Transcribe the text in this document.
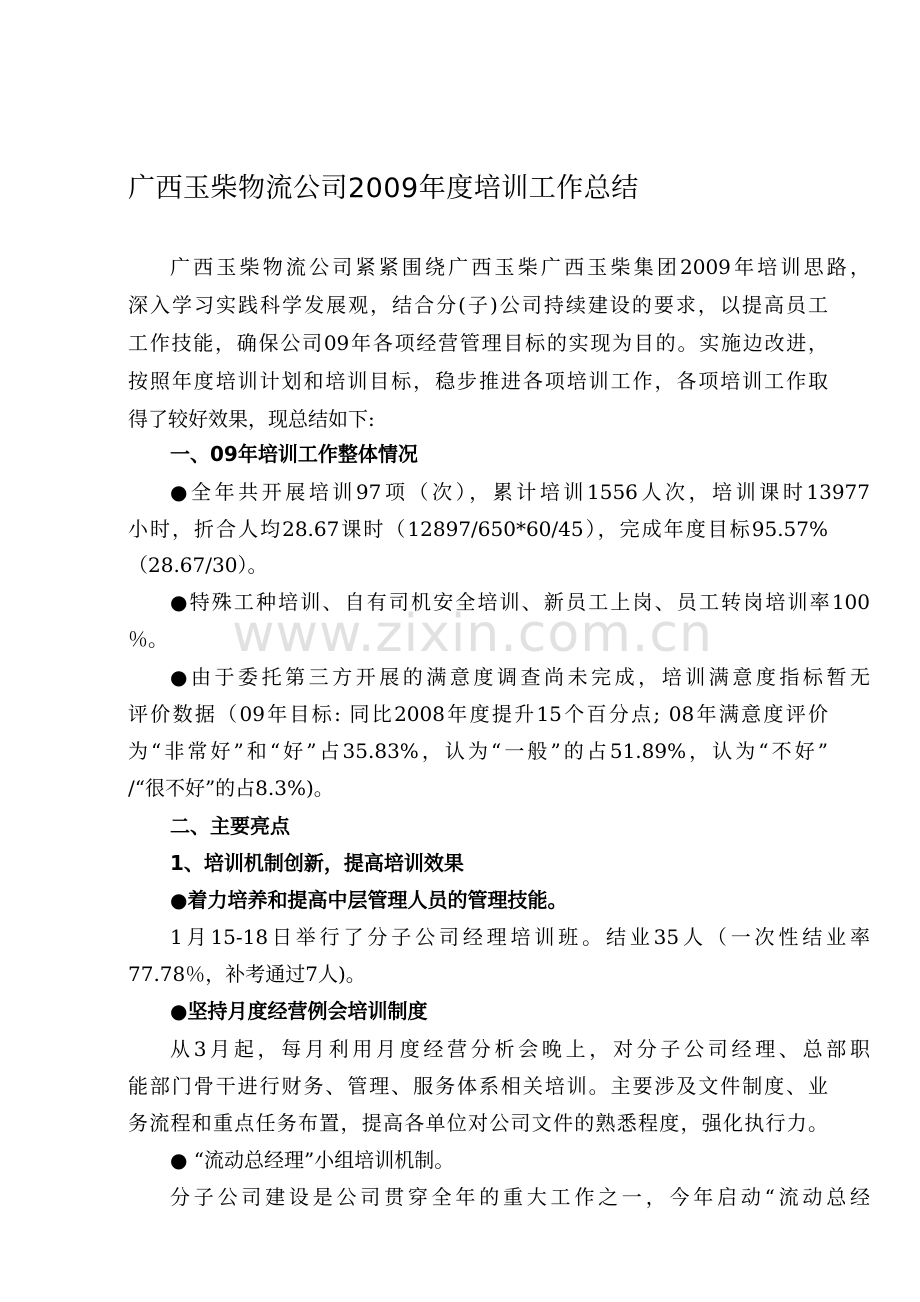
广西玉柴物流公司2009年度培训工作总结
广西玉柴物流公司紧紧围绕广西玉柴广西玉柴集团2009年培训思路，
深入学习实践科学发展观，结合分(子)公司持续建设的要求，以提高员工
工作技能，确保公司09年各项经营管理目标的实现为目的。实施边改进，
按照年度培训计划和培训目标，稳步推进各项培训工作，各项培训工作取
得了较好效果，现总结如下:
一、09年培训工作整体情况
●全年共开展培训97项（次），累计培训1556人次，培训课时13977
小时，折合人均28.67课时（12897/650*60/45），完成年度目标95.57%
（28.67/30）。
●特殊工种培训、自有司机安全培训、新员工上岗、员工转岗培训率100
％。
●由于委托第三方开展的满意度调查尚未完成，培训满意度指标暂无
评价数据（09年目标: 同比2008年度提升15个百分点; 08年满意度评价
为“非常好”和“好”占35.83%，认为“一般”的占51.89%，认为“不好”
/“很不好”的占8.3%)。
二、主要亮点
1、培训机制创新，提高培训效果
●着力培养和提高中层管理人员的管理技能。
1月15-18日举行了分子公司经理培训班。结业35人（一次性结业率
77.78％，补考通过7人)。
●坚持月度经营例会培训制度
从3月起，每月利用月度经营分析会晚上，对分子公司经理、总部职
能部门骨干进行财务、管理、服务体系相关培训。主要涉及文件制度、业
务流程和重点任务布置，提高各单位对公司文件的熟悉程度，强化执行力。
● “流动总经理”小组培训机制。
分子公司建设是公司贯穿全年的重大工作之一，今年启动“流动总经
www.zixin.com.cn
